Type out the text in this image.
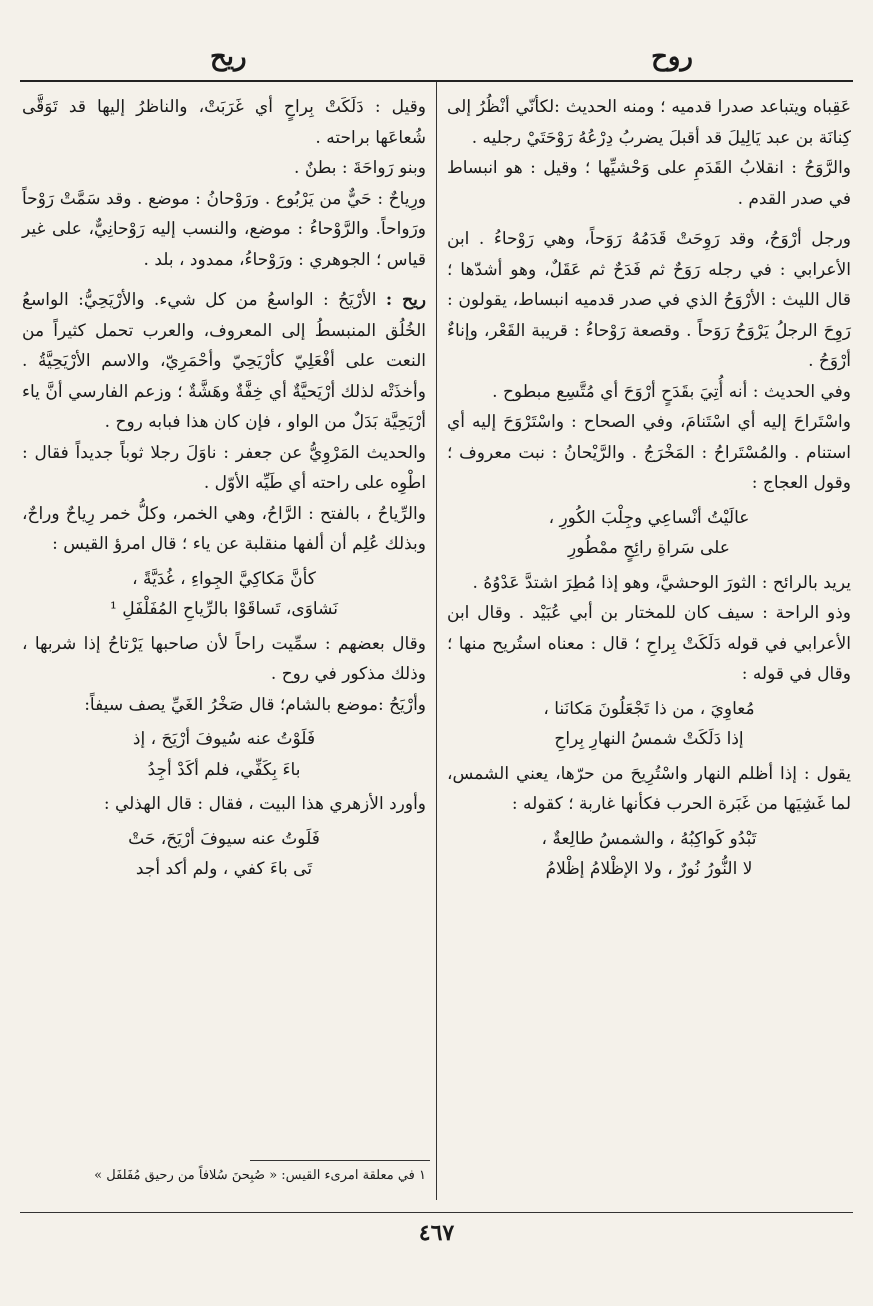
روح
ريح

عَقِباه ويتباعد صدرا قدميه ؛ ومنه الحديث :لكأنّي أنْظُرُ إلى كِنانَة بن عبد يَالِيلَ قد أقبلَ يضربُ دِرْعُهُ رَوْحَتَيْ رجليه .

والرَّوَحُ : انقلابُ القَدَمِ على وَحْشيِّها ؛ وقيل : هو انبساط في صدر القدم .

ورجل أرْوَحُ، وقد رَوِحَتْ قَدَمُهُ رَوَحاً، وهي رَوْحاءُ . ابن الأعرابي : في رجله رَوَحٌ ثم فَدَحٌ ثم عَقَلٌ، وهو أشدّها ؛ قال الليث : الأرْوَحُ الذي في صدر قدميه انبساط، يقولون : رَوِحَ الرجلُ يَرْوَحُ رَوَحاً . وقصعة رَوْحاءُ : قريبة القَعْر، وإناءٌ أرْوَحُ .

وفي الحديث : أنه أُتِيَ بقَدَحٍ أرْوَحَ أي مُتَّسِع مبطوح .

واسْتَراحَ إليه أي اسْتَنامَ، وفي الصحاح : واسْتَرْوَحَ إليه أي استنام . والمُسْتَراحُ : المَخْرَجُ . والرَّيْحانُ : نبت معروف ؛ وقول العجاج :

عالَيْتُ أنْساعِي وجِلْبَ الكُورِ ،
على سَراةِ رائِحٍ ممْطُورِ

يريد بالرائح : الثورَ الوحشيَّ، وهو إذا مُطِرَ اشتدَّ عَدْوُهُ .

وذو الراحة : سيف كان للمختار بن أبي عُبَيْد . وقال ابن الأعرابي في قوله دَلَكَتْ بِراحِ ؛ قال : معناه استُريح منها ؛ وقال في قوله :

مُعاوِيَ ، من ذا تَجْعَلُونَ مَكانَنا ،
إذا دَلَكَتْ شمسُ النهارِ بِراحِ

يقول : إذا أظلم النهار واسْتُرِيحَ من حرّها، يعني الشمس، لما غَشِيَها من غَبَرة الحرب فكأنها غاربة ؛ كقوله :

تَبْدُو كَواكِبُهُ ، والشمسُ طالِعةٌ ،
لا النُّورُ نُورٌ ، ولا الإظْلامُ إظْلامُ

وقيل : دَلَكَتْ بِراحٍ أي غَرَبَتْ، والناظرُ إليها قد تَوَقَّى شُعاعَها براحته .

وبنو رَواحَةَ : بطنٌ .

ورِياحٌ : حَيٌّ من يَرْبُوع . ورَوْحانُ : موضع . وقد سَمَّتْ رَوْحاً ورَواحاً. والرَّوْحاءُ : موضع، والنسب إليه رَوْحانِيٌّ، على غير قياس ؛ الجوهري : ورَوْحاءُ، ممدود ، بلد .

ريح : الأرْيَحُ : الواسعُ من كل شيء. والأرْيَحِيُّ: الواسعُ الخُلُق المنبسطُ إلى المعروف، والعرب تحمل كثيراً من النعت على أفْعَلِيّ كأرْيَحِيّ وأحْمَرِيّ، والاسم الأرْيَحِيَّةُ . وأخذَتْه لذلك أرْيَحيَّةٌ أي خِفَّةٌ وهَشَّةٌ ؛ وزعم الفارسي أنَّ ياء أرْيَحِيَّة بَدَلٌ من الواو ، فإن كان هذا فبابه روح .

والحديث المَرْوِيُّ عن جعفر : ناوَلَ رجلا ثوباً جديداً فقال : اطْوِه على راحته أي طَيِّه الأوّل .

والرِّياحُ ، بالفتح : الرَّاحُ، وهي الخمر، وكلُّ خمر رِياحٌ وراحٌ، وبذلك عُلِم أن ألفها منقلبة عن ياء ؛ قال امرؤ القيس :

كأنَّ مَكاكِيَّ الجِواءِ ، غُدَيَّةً ،
نَشاوَى، تَساقَوْا بالرِّياحِ المُفَلْفَلِ ¹

وقال بعضهم : سمِّيت راحاً لأن صاحبها يَرْتاحُ إذا شربها ، وذلك مذكور في روح .

وأرْيَحُ :موضع بالشام؛ قال صَخْرُ الغَيِّ يصف سيفاً:

فَلَوْتُ عنه سُيوفَ أرْيَحَ ، إذ
باءَ بِكَفِّي، فلم أكَدْ أجِدُ

وأورد الأزهري هذا البيت ، فقال : قال الهذلي :

فَلَوتُ عنه سيوفَ أرْيَحَ، حَتْ
تَى باءَ كفي ، ولم أكد أجد
١ في معلقة امرىء القيس: « صُبِحنَ سُلافاً من رحيق مُفَلفَل »
٤٦٧
